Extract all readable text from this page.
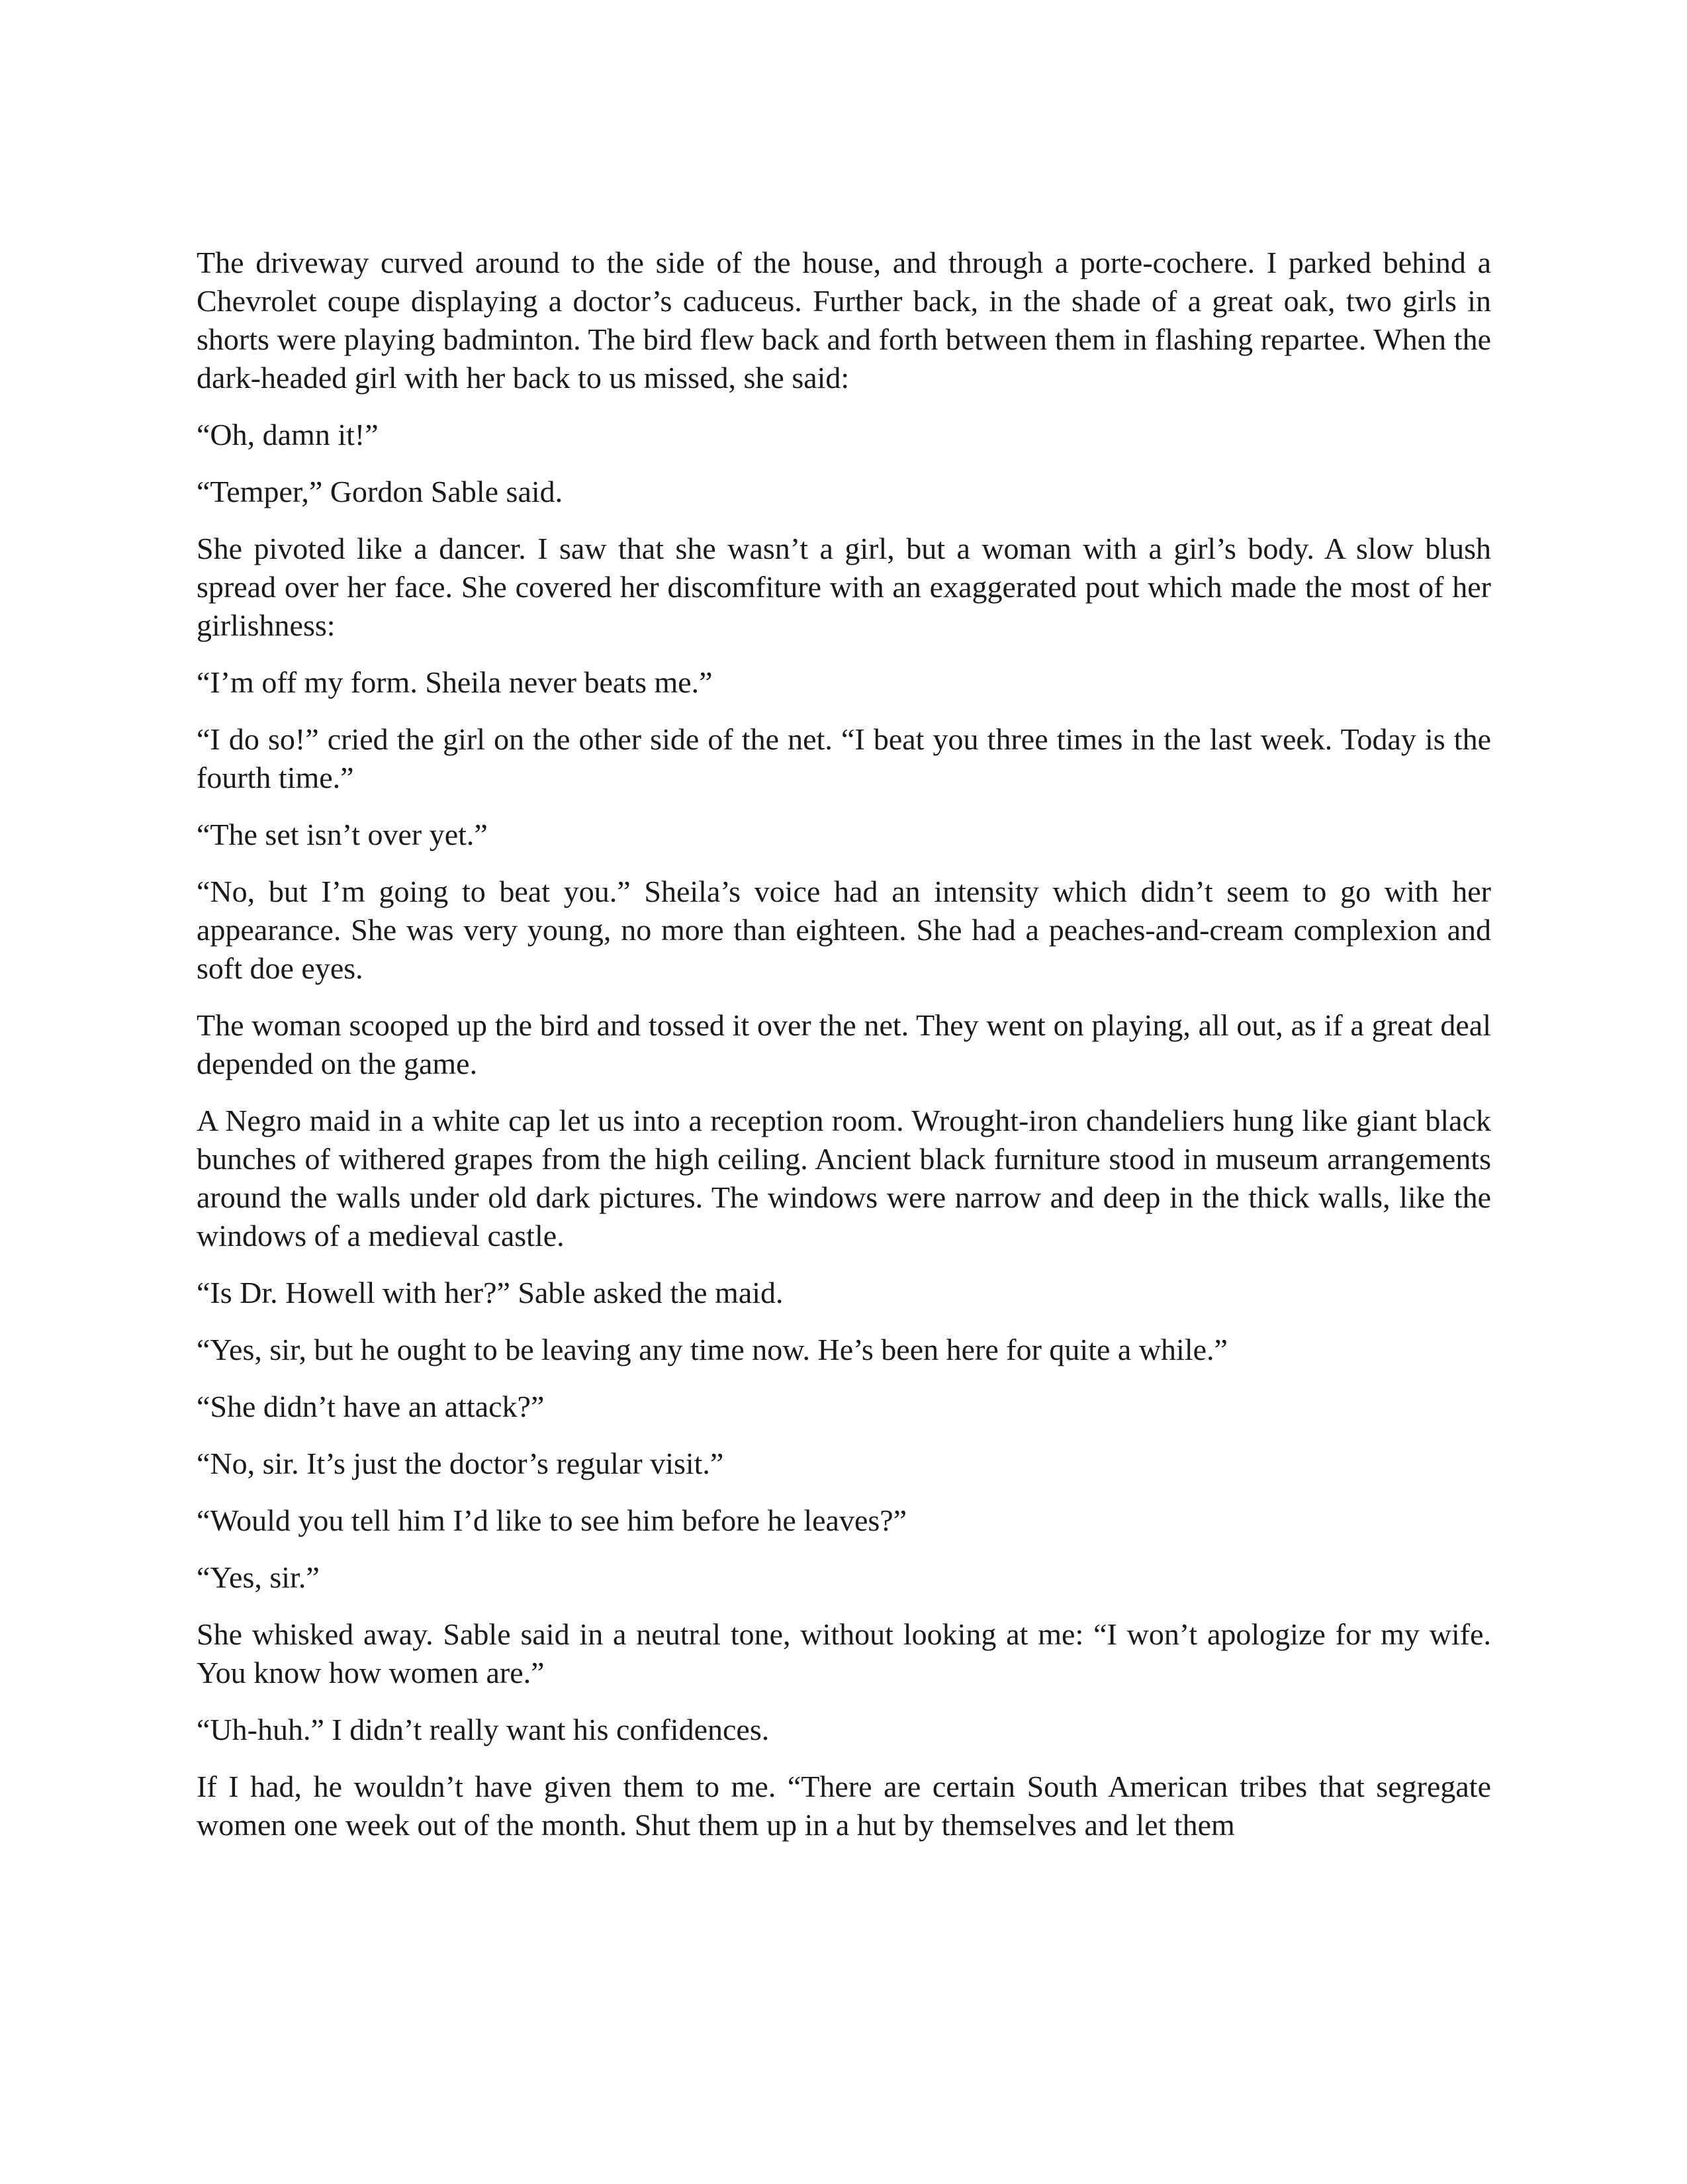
The driveway curved around to the side of the house, and through a porte-cochere. I parked behind a Chevrolet coupe displaying a doctor’s caduceus. Further back, in the shade of a great oak, two girls in shorts were playing badminton. The bird flew back and forth between them in flashing repartee. When the dark-headed girl with her back to us missed, she said:

“Oh, damn it!”

“Temper,” Gordon Sable said.

She pivoted like a dancer. I saw that she wasn’t a girl, but a woman with a girl’s body. A slow blush spread over her face. She covered her discomfiture with an exaggerated pout which made the most of her girlishness:

“I’m off my form. Sheila never beats me.”

“I do so!” cried the girl on the other side of the net. “I beat you three times in the last week. Today is the fourth time.”

“The set isn’t over yet.”

“No, but I’m going to beat you.” Sheila’s voice had an intensity which didn’t seem to go with her appearance. She was very young, no more than eighteen. She had a peaches-and-cream complexion and soft doe eyes.

The woman scooped up the bird and tossed it over the net. They went on playing, all out, as if a great deal depended on the game.

A Negro maid in a white cap let us into a reception room. Wrought-iron chandeliers hung like giant black bunches of withered grapes from the high ceiling. Ancient black furniture stood in museum arrangements around the walls under old dark pictures. The windows were narrow and deep in the thick walls, like the windows of a medieval castle.

“Is Dr. Howell with her?” Sable asked the maid.

“Yes, sir, but he ought to be leaving any time now. He’s been here for quite a while.”

“She didn’t have an attack?”

“No, sir. It’s just the doctor’s regular visit.”

“Would you tell him I’d like to see him before he leaves?”

“Yes, sir.”

She whisked away. Sable said in a neutral tone, without looking at me: “I won’t apologize for my wife. You know how women are.”

“Uh-huh.” I didn’t really want his confidences.

If I had, he wouldn’t have given them to me. “There are certain South American tribes that segregate women one week out of the month. Shut them up in a hut by themselves and let them
